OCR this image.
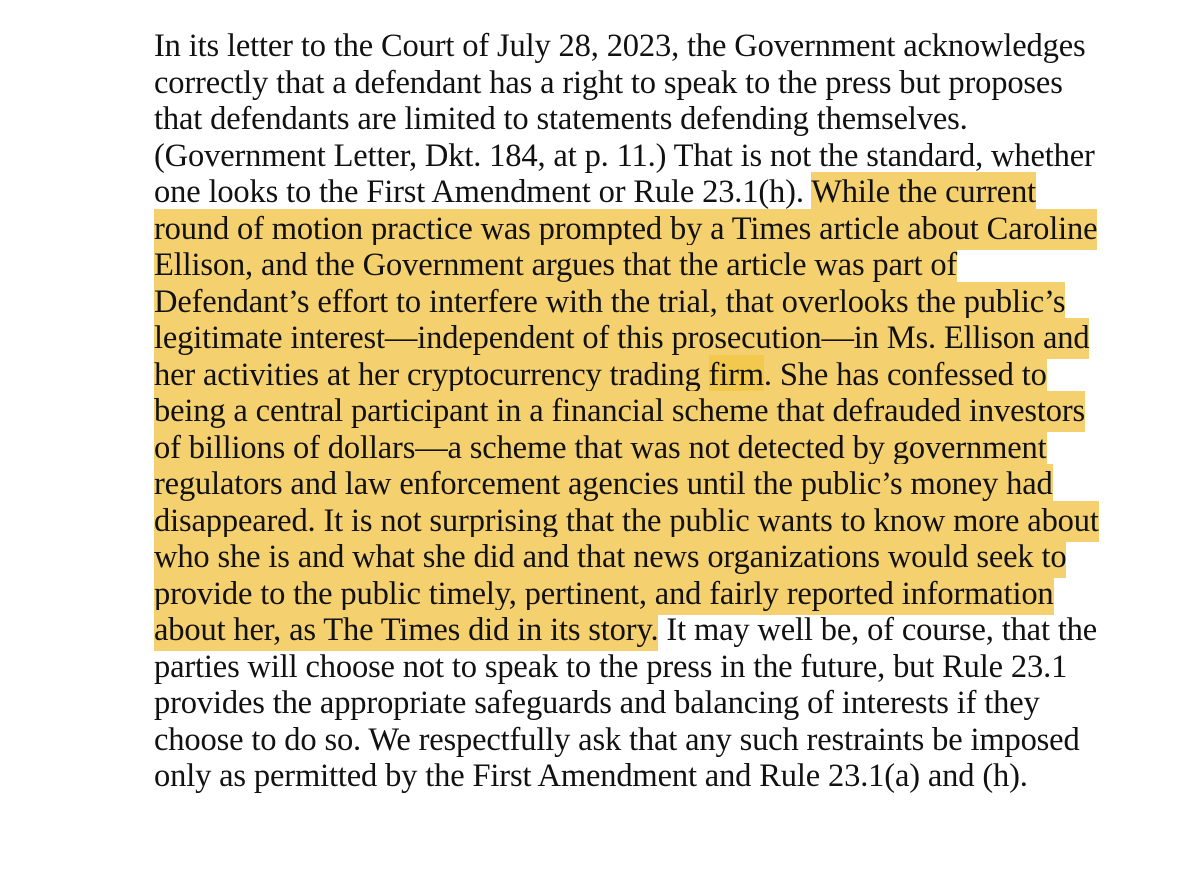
In its letter to the Court of July 28, 2023, the Government acknowledges
correctly that a defendant has a right to speak to the press but proposes
that defendants are limited to statements defending themselves.
(Government Letter, Dkt. 184, at p. 11.) That is not the standard, whether
one looks to the First Amendment or Rule 23.1(h). While the current
round of motion practice was prompted by a Times article about Caroline
Ellison, and the Government argues that the article was part of
Defendant’s effort to interfere with the trial, that overlooks the public’s
legitimate interest—independent of this prosecution—in Ms. Ellison and
her activities at her cryptocurrency trading firm. She has confessed to
being a central participant in a financial scheme that defrauded investors
of billions of dollars—a scheme that was not detected by government
regulators and law enforcement agencies until the public’s money had
disappeared. It is not surprising that the public wants to know more about
who she is and what she did and that news organizations would seek to
provide to the public timely, pertinent, and fairly reported information
about her, as The Times did in its story. It may well be, of course, that the
parties will choose not to speak to the press in the future, but Rule 23.1
provides the appropriate safeguards and balancing of interests if they
choose to do so. We respectfully ask that any such restraints be imposed
only as permitted by the First Amendment and Rule 23.1(a) and (h).
